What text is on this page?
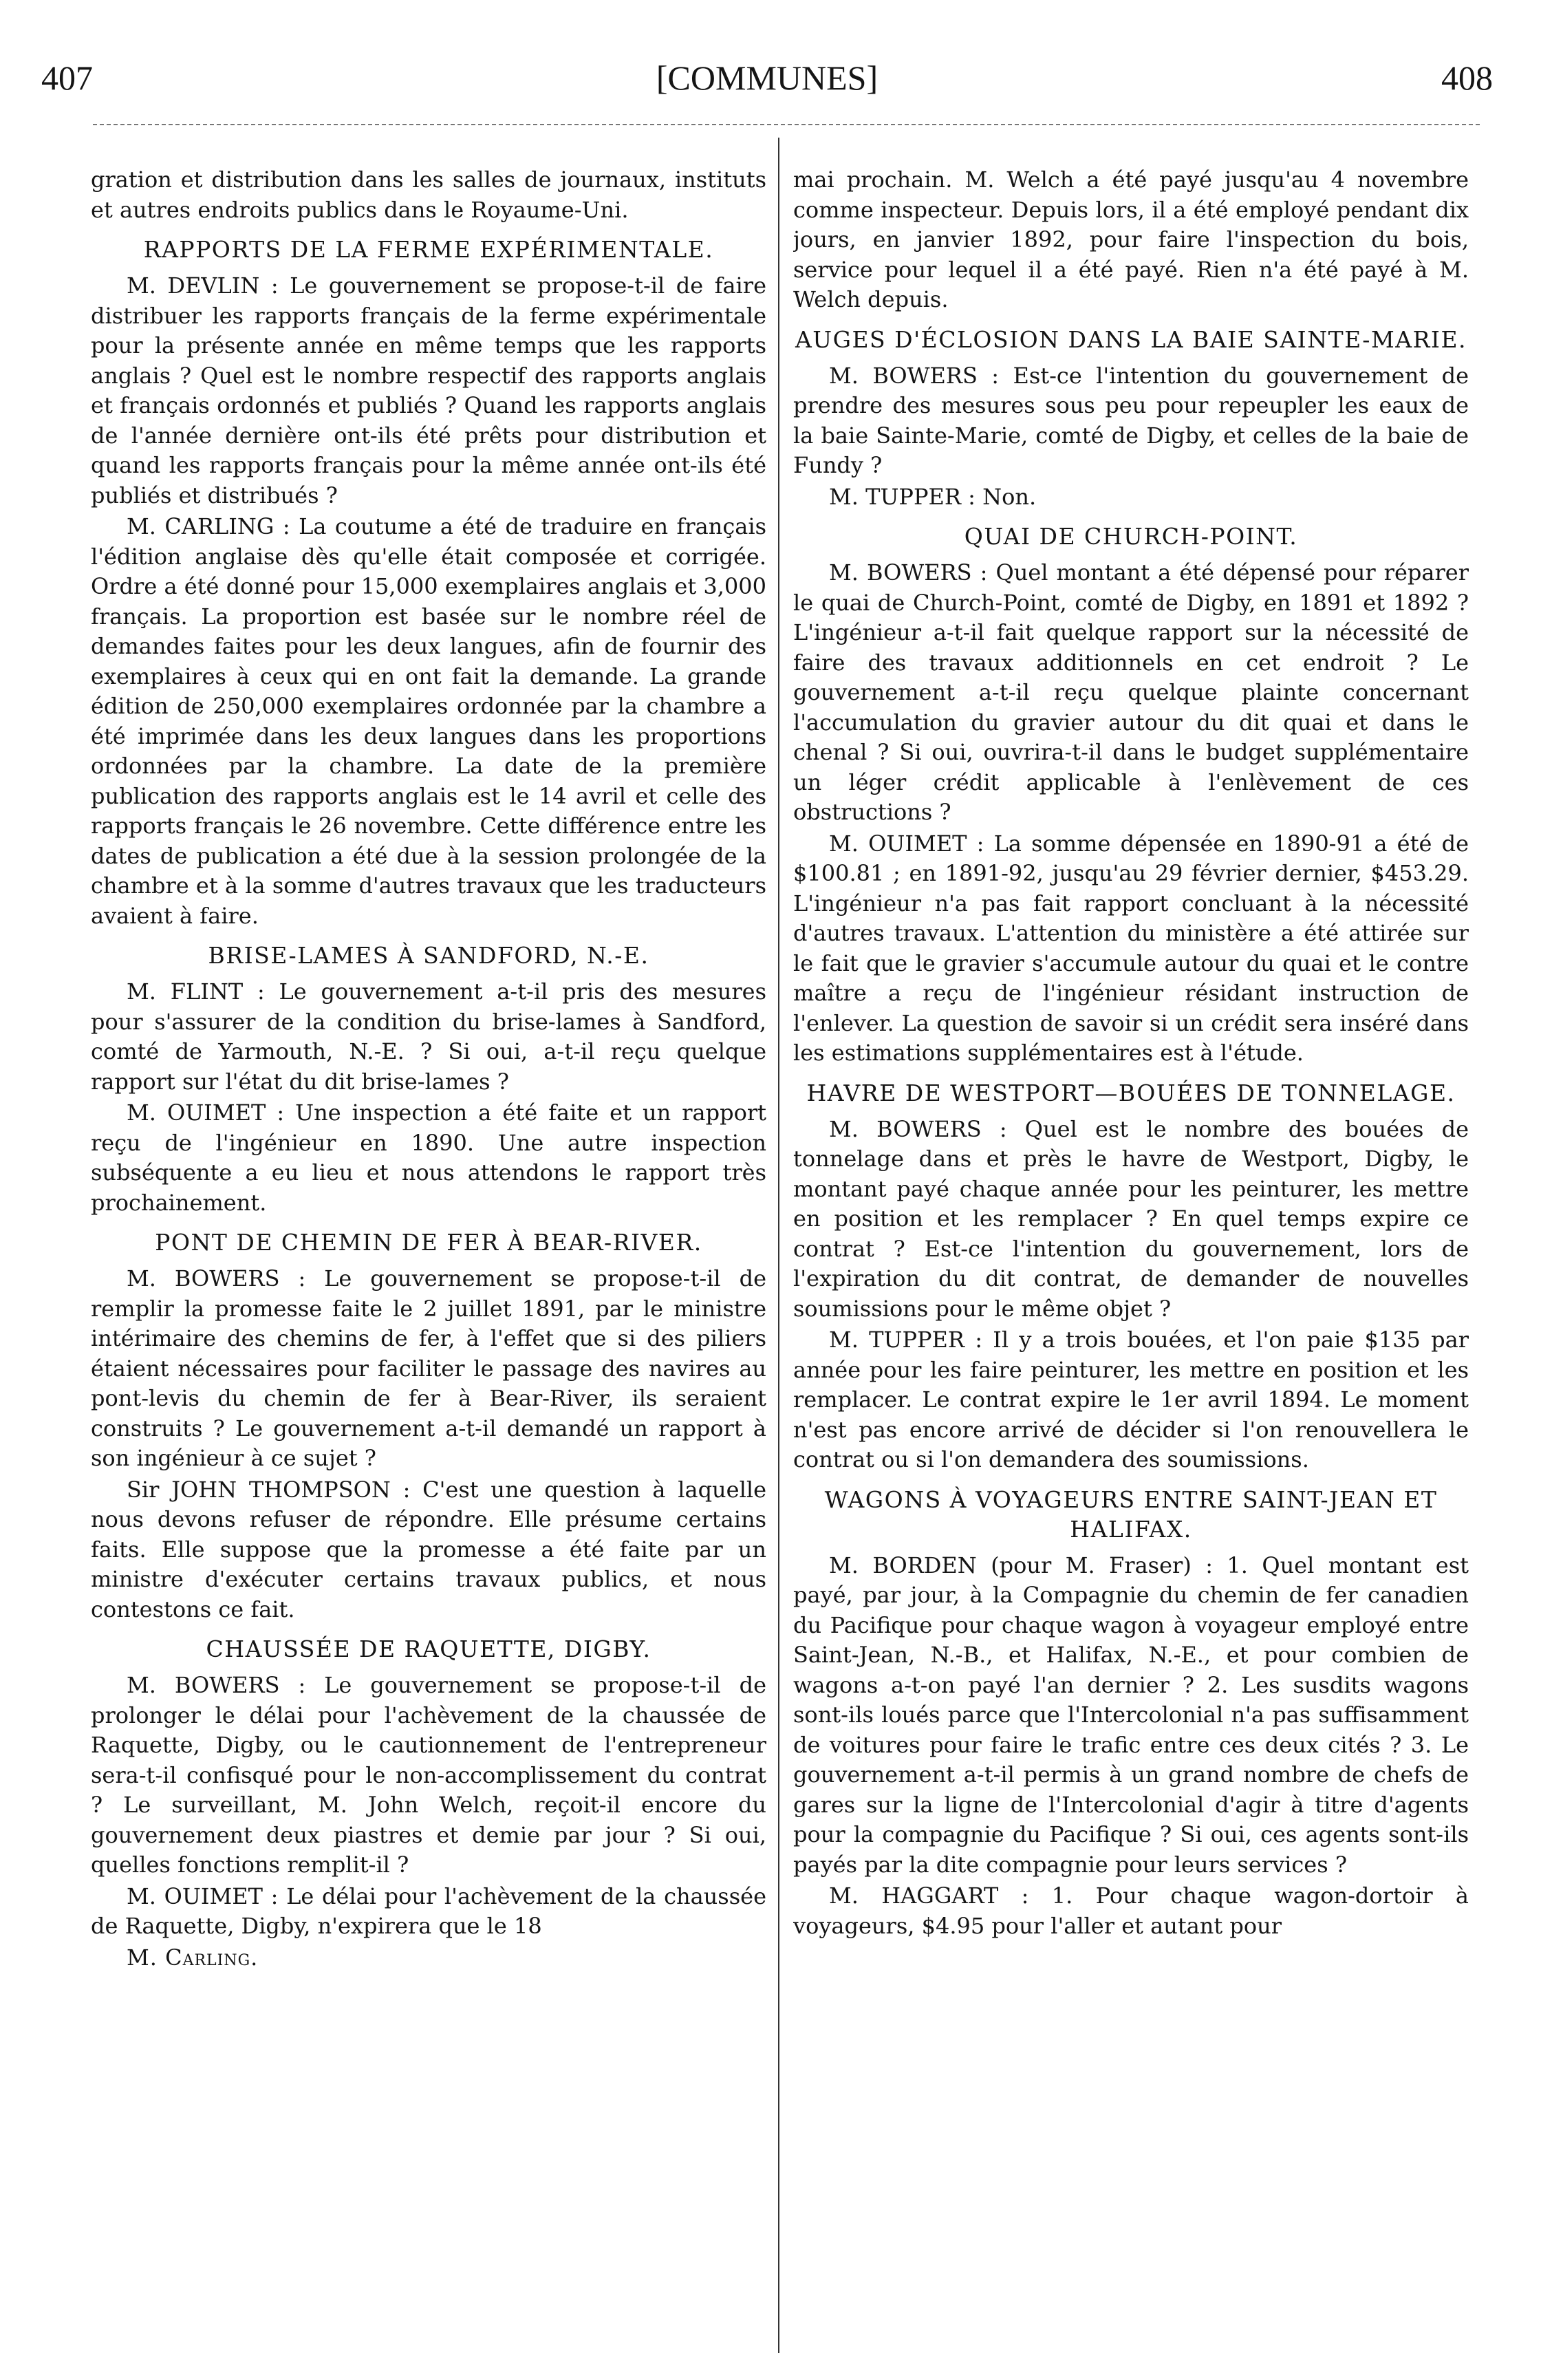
407	[COMMUNES]	408

gration et distribution dans les salles de journaux, instituts et autres endroits publics dans le Royaume-Uni.

RAPPORTS DE LA FERME EXPÉRIMENTALE.

M. DEVLIN : Le gouvernement se propose-t-il de faire distribuer les rapports français de la ferme expérimentale pour la présente année en même temps que les rapports anglais ? Quel est le nombre respectif des rapports anglais et français ordonnés et publiés ? Quand les rapports anglais de l'année dernière ont-ils été prêts pour distribution et quand les rapports français pour la même année ont-ils été publiés et distribués ?

M. CARLING : La coutume a été de traduire en français l'édition anglaise dès qu'elle était composée et corrigée. Ordre a été donné pour 15,000 exemplaires anglais et 3,000 français. La proportion est basée sur le nombre réel de demandes faites pour les deux langues, afin de fournir des exemplaires à ceux qui en ont fait la demande. La grande édition de 250,000 exemplaires ordonnée par la chambre a été imprimée dans les deux langues dans les proportions ordonnées par la chambre. La date de la première publication des rapports anglais est le 14 avril et celle des rapports français le 26 novembre. Cette différence entre les dates de publication a été due à la session prolongée de la chambre et à la somme d'autres travaux que les traducteurs avaient à faire.

BRISE-LAMES À SANDFORD, N.-E.

M. FLINT : Le gouvernement a-t-il pris des mesures pour s'assurer de la condition du brise-lames à Sandford, comté de Yarmouth, N.-E. ? Si oui, a-t-il reçu quelque rapport sur l'état du dit brise-lames ?

M. OUIMET : Une inspection a été faite et un rapport reçu de l'ingénieur en 1890. Une autre inspection subséquente a eu lieu et nous attendons le rapport très prochainement.

PONT DE CHEMIN DE FER À BEAR-RIVER.

M. BOWERS : Le gouvernement se propose-t-il de remplir la promesse faite le 2 juillet 1891, par le ministre intérimaire des chemins de fer, à l'effet que si des piliers étaient nécessaires pour faciliter le passage des navires au pont-levis du chemin de fer à Bear-River, ils seraient construits ? Le gouvernement a-t-il demandé un rapport à son ingénieur à ce sujet ?

Sir JOHN THOMPSON : C'est une question à laquelle nous devons refuser de répondre. Elle présume certains faits. Elle suppose que la promesse a été faite par un ministre d'exécuter certains travaux publics, et nous contestons ce fait.

CHAUSSÉE DE RAQUETTE, DIGBY.

M. BOWERS : Le gouvernement se propose-t-il de prolonger le délai pour l'achèvement de la chaussée de Raquette, Digby, ou le cautionnement de l'entrepreneur sera-t-il confisqué pour le non-accomplissement du contrat ? Le surveillant, M. John Welch, reçoit-il encore du gouvernement deux piastres et demie par jour ? Si oui, quelles fonctions remplit-il ?

M. OUIMET : Le délai pour l'achèvement de la chaussée de Raquette, Digby, n'expirera que le 18

M. Carling.

mai prochain. M. Welch a été payé jusqu'au 4 novembre comme inspecteur. Depuis lors, il a été employé pendant dix jours, en janvier 1892, pour faire l'inspection du bois, service pour lequel il a été payé. Rien n'a été payé à M. Welch depuis.

AUGES D'ÉCLOSION DANS LA BAIE SAINTE-MARIE.

M. BOWERS : Est-ce l'intention du gouvernement de prendre des mesures sous peu pour repeupler les eaux de la baie Sainte-Marie, comté de Digby, et celles de la baie de Fundy ?

M. TUPPER : Non.

QUAI DE CHURCH-POINT.

M. BOWERS : Quel montant a été dépensé pour réparer le quai de Church-Point, comté de Digby, en 1891 et 1892 ? L'ingénieur a-t-il fait quelque rapport sur la nécessité de faire des travaux additionnels en cet endroit ? Le gouvernement a-t-il reçu quelque plainte concernant l'accumulation du gravier autour du dit quai et dans le chenal ? Si oui, ouvrira-t-il dans le budget supplémentaire un léger crédit applicable à l'enlèvement de ces obstructions ?

M. OUIMET : La somme dépensée en 1890-91 a été de $100.81 ; en 1891-92, jusqu'au 29 février dernier, $453.29. L'ingénieur n'a pas fait rapport concluant à la nécessité d'autres travaux. L'attention du ministère a été attirée sur le fait que le gravier s'accumule autour du quai et le contre maître a reçu de l'ingénieur résidant instruction de l'enlever. La question de savoir si un crédit sera inséré dans les estimations supplémentaires est à l'étude.

HAVRE DE WESTPORT—BOUÉES DE TONNELAGE.

M. BOWERS : Quel est le nombre des bouées de tonnelage dans et près le havre de Westport, Digby, le montant payé chaque année pour les peinturer, les mettre en position et les remplacer ? En quel temps expire ce contrat ? Est-ce l'intention du gouvernement, lors de l'expiration du dit contrat, de demander de nouvelles soumissions pour le même objet ?

M. TUPPER : Il y a trois bouées, et l'on paie $135 par année pour les faire peinturer, les mettre en position et les remplacer. Le contrat expire le 1er avril 1894. Le moment n'est pas encore arrivé de décider si l'on renouvellera le contrat ou si l'on demandera des soumissions.

WAGONS À VOYAGEURS ENTRE SAINT-JEAN ET HALIFAX.

M. BORDEN (pour M. Fraser) : 1. Quel montant est payé, par jour, à la Compagnie du chemin de fer canadien du Pacifique pour chaque wagon à voyageur employé entre Saint-Jean, N.-B., et Halifax, N.-E., et pour combien de wagons a-t-on payé l'an dernier ? 2. Les susdits wagons sont-ils loués parce que l'Intercolonial n'a pas suffisamment de voitures pour faire le trafic entre ces deux cités ? 3. Le gouvernement a-t-il permis à un grand nombre de chefs de gares sur la ligne de l'Intercolonial d'agir à titre d'agents pour la compagnie du Pacifique ? Si oui, ces agents sont-ils payés par la dite compagnie pour leurs services ?

M. HAGGART : 1. Pour chaque wagon-dortoir à voyageurs, $4.95 pour l'aller et autant pour
